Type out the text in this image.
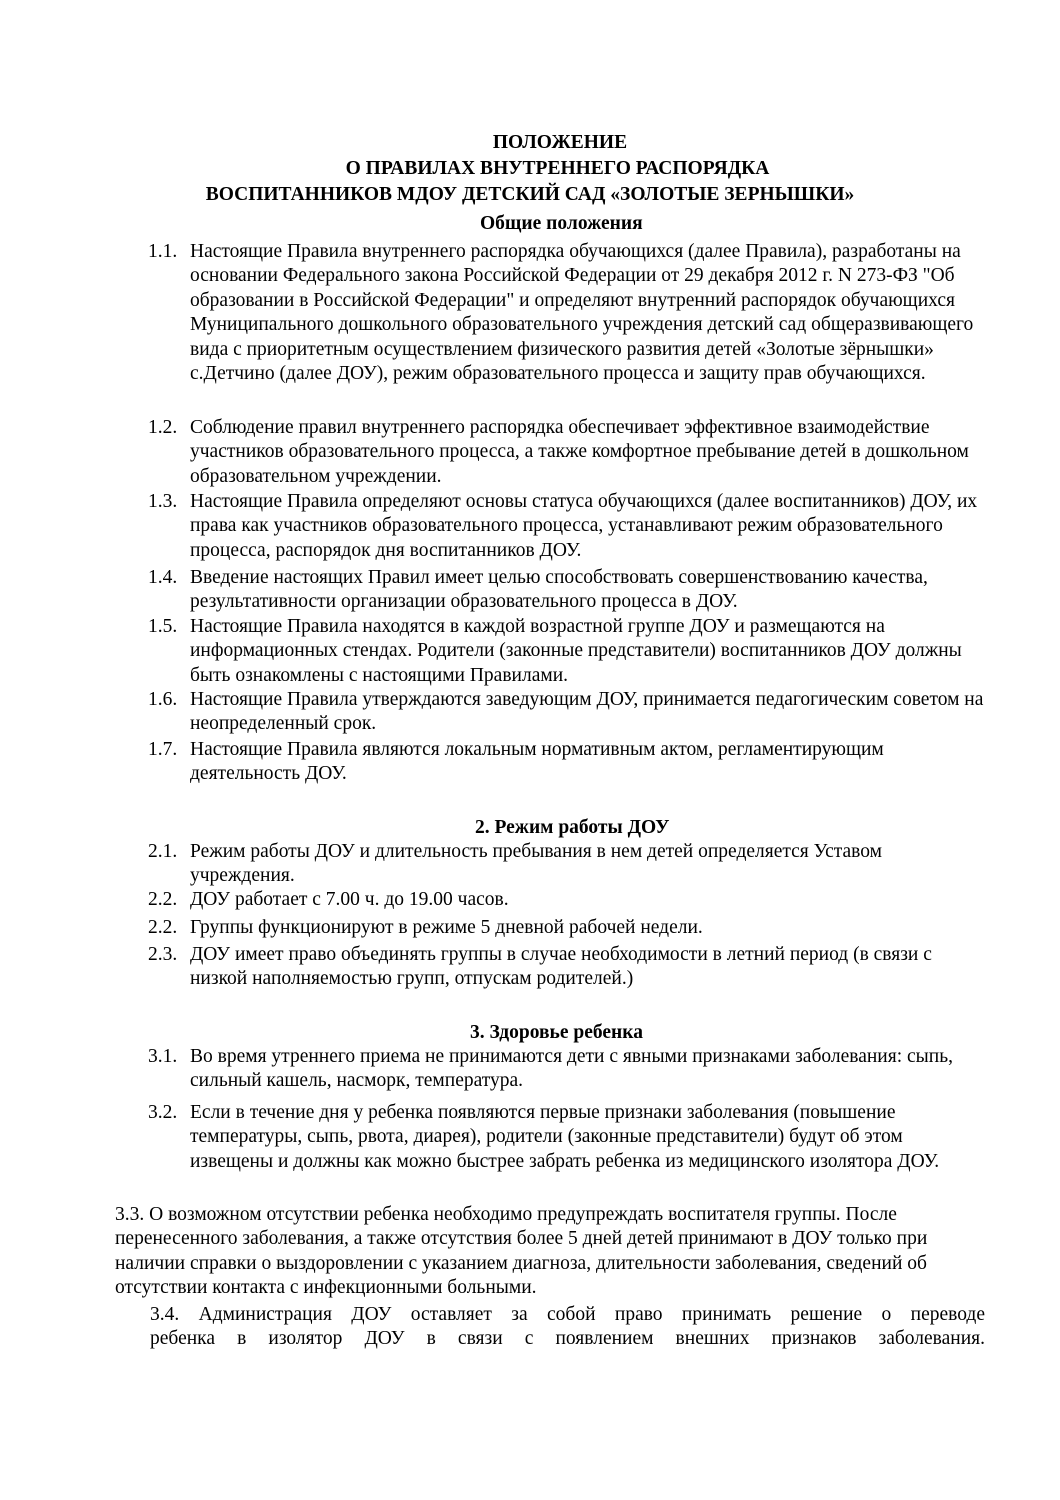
ПОЛОЖЕНИЕ
О ПРАВИЛАХ ВНУТРЕННЕГО РАСПОРЯДКА
ВОСПИТАННИКОВ МДОУ ДЕТСКИЙ САД «ЗОЛОТЫЕ ЗЕРНЫШКИ»
Общие положения
1.1. Настоящие Правила внутреннего распорядка обучающихся (далее Правила), разработаны на основании Федерального закона Российской Федерации от 29 декабря 2012 г. N 273-ФЗ "Об образовании в Российской Федерации" и определяют внутренний распорядок обучающихся Муниципального дошкольного образовательного учреждения детский сад общеразвивающего вида с приоритетным осуществлением физического развития детей «Золотые зёрнышки» с.Детчино (далее ДОУ), режим образовательного процесса и защиту прав обучающихся.
1.2. Соблюдение правил внутреннего распорядка обеспечивает эффективное взаимодействие участников образовательного процесса, а также комфортное пребывание детей в дошкольном образовательном учреждении.
1.3. Настоящие Правила определяют основы статуса обучающихся (далее воспитанников) ДОУ, их права как участников образовательного процесса, устанавливают режим образовательного процесса, распорядок дня воспитанников ДОУ.
1.4. Введение настоящих Правил имеет целью способствовать совершенствованию качества, результативности организации образовательного процесса в ДОУ.
1.5. Настоящие Правила находятся в каждой возрастной группе ДОУ и размещаются на информационных стендах. Родители (законные представители) воспитанников ДОУ должны быть ознакомлены с настоящими Правилами.
1.6. Настоящие Правила утверждаются заведующим ДОУ, принимается педагогическим советом на неопределенный срок.
1.7. Настоящие Правила являются локальным нормативным актом, регламентирующим деятельность ДОУ.
2. Режим работы ДОУ
2.1. Режим работы ДОУ и длительность пребывания в нем детей определяется Уставом учреждения.
2.2. ДОУ работает с 7.00 ч. до 19.00 часов.
2.2. Группы функционируют в режиме 5 дневной рабочей недели.
2.3. ДОУ имеет право объединять группы в случае необходимости в летний период (в связи с низкой наполняемостью групп, отпускам родителей.)
3. Здоровье ребенка
3.1. Во время утреннего приема не принимаются дети с явными признаками заболевания: сыпь, сильный кашель, насморк, температура.
3.2. Если в течение дня у ребенка появляются первые признаки заболевания (повышение температуры, сыпь, рвота, диарея), родители (законные представители) будут об этом извещены и должны как можно быстрее забрать ребенка из медицинского изолятора ДОУ.
3.3. О возможном отсутствии ребенка необходимо предупреждать воспитателя группы. После перенесенного заболевания, а также отсутствия более 5 дней детей принимают в ДОУ только при наличии справки о выздоровлении с указанием диагноза, длительности заболевания, сведений об отсутствии контакта с инфекционными больными.
3.4. Администрация ДОУ оставляет за собой право принимать решение о переводе
ребенка в изолятор ДОУ в связи с появлением внешних признаков заболевания.
